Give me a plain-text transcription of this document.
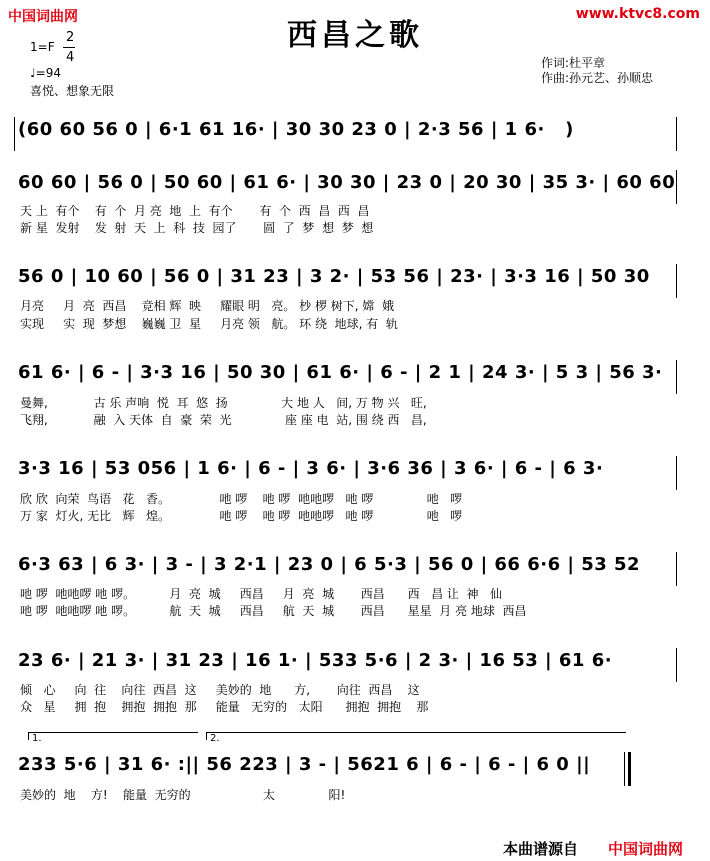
中国词曲网	www.ktvc8.com
西昌之歌
1=F
2
4
♩=94
喜悦、想象无限
作词:杜平章
作曲:孙元艺、孙顺忠
(60 60 56 0 | 6·1 61 16· | 30 30 23 0 | 2·3 56 | 1 6·   )
60 60 | 56 0 | 50 60 | 61 6· | 30 30 | 23 0 | 20 30 | 35 3· | 60 60
天 上  有个    有  个  月 亮  地  上  有个       有  个  西  昌  西  昌
新 星  发射    发  射  天  上  科  技  园了       圆  了  梦  想  梦  想
56 0 | 10 60 | 56 0 | 31 23 | 3 2· | 53 56 | 23· | 3·3 16 | 50 30
月亮     月  亮  西昌    竞相 辉  映     耀眼 明   亮。 杪 椤 树下, 嫦  娥
实现     实  现  梦想    巍巍 卫  星     月亮 领   航。 环 绕  地球, 有  轨
61 6· | 6 - | 3·3 16 | 50 30 | 61 6· | 6 - | 2 1 | 24 3· | 5 3 | 56 3·
曼舞,            古 乐 声响  悦  耳  悠  扬              大 地 人   间, 万 物 兴   旺,
飞翔,            融  入 天体  自  豪  荣  光              座 座 电  站, 围 绕 西   昌,
3·3 16 | 53 056 | 1 6· | 6 - | 3 6· | 3·6 36 | 3 6· | 6 - | 6 3·
欣 欣  向荣  鸟语   花   香。             吔 啰    吔 啰  吔吔啰   吔 啰              吔   啰
万 家  灯火, 无比   辉   煌。             吔 啰    吔 啰  吔吔啰   吔 啰              吔   啰
6·3 63 | 6 3· | 3 - | 3 2·1 | 23 0 | 6 5·3 | 56 0 | 66 6·6 | 53 52
吔 啰  吔吔啰 吔 啰。         月  亮  城     西昌     月  亮  城       西昌      西   昌 让  神   仙
吔 啰  吔吔啰 吔 啰。         航  天  城     西昌     航  天  城       西昌      星星  月 亮 地球  西昌
23 6· | 21 3· | 31 23 | 16 1· | 533 5·6 | 2 3· | 16 53 | 61 6·
倾   心     向  往    向往  西昌  这     美妙的  地      方,       向往  西昌    这
众   星     拥  抱    拥抱  拥抱  那     能量   无穷的   太阳      拥抱  拥抱    那
1.	2.
233 5·6 | 31 6· :|| 56 223 | 3 - | 5621 6 | 6 - | 6 - | 6 0 ||
美妙的  地    方!    能量  无穷的                   太              阳!
本曲谱源自 中国词曲网
